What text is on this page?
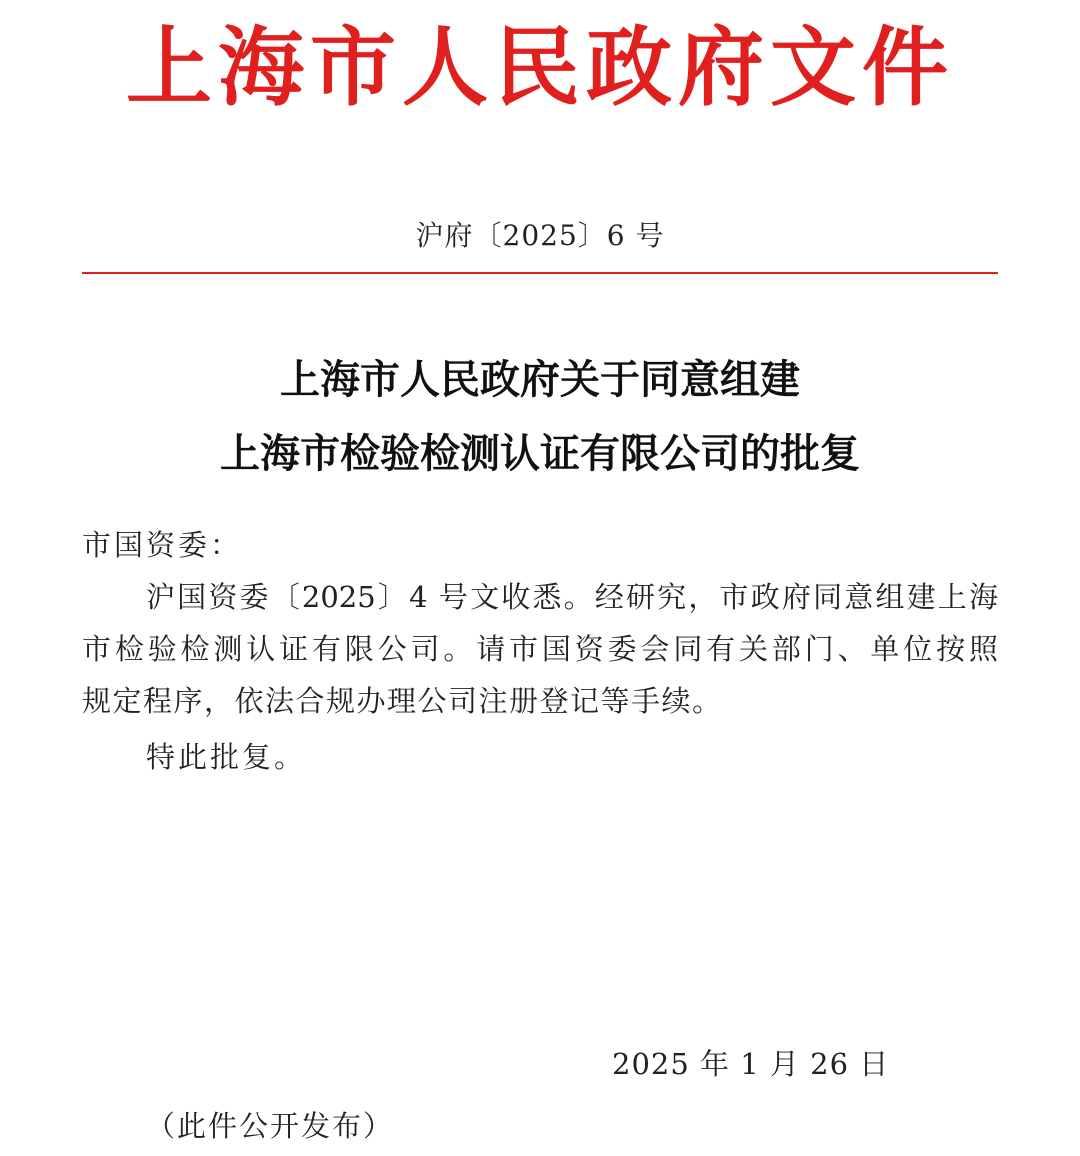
上海市人民政府文件
沪府〔2025〕6 号
上海市人民政府关于同意组建
上海市检验检测认证有限公司的批复
市国资委：
沪国资委〔2025〕4 号文收悉。经研究，市政府同意组建上海
市检验检测认证有限公司。请市国资委会同有关部门、单位按照
规定程序，依法合规办理公司注册登记等手续。
特此批复。
2025 年 1 月 26 日
（此件公开发布）
